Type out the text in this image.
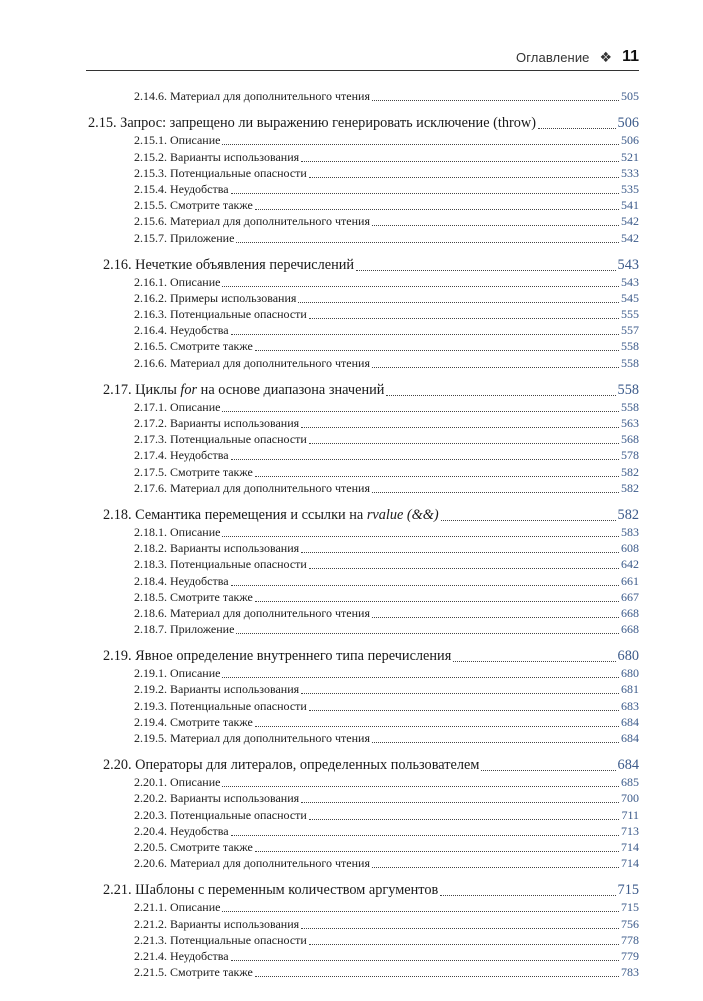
Оглавление ❖ 11
2.14.6. Материал для дополнительного чтения	505
2.15. Запрос: запрещено ли выражению генерировать исключение (throw)	506
2.15.1. Описание	506
2.15.2. Варианты использования	521
2.15.3. Потенциальные опасности	533
2.15.4. Неудобства	535
2.15.5. Смотрите также	541
2.15.6. Материал для дополнительного чтения	542
2.15.7. Приложение	542
2.16. Нечеткие объявления перечислений	543
2.16.1. Описание	543
2.16.2. Примеры использования	545
2.16.3. Потенциальные опасности	555
2.16.4. Неудобства	557
2.16.5. Смотрите также	558
2.16.6. Материал для дополнительного чтения	558
2.17. Циклы for на основе диапазона значений	558
2.17.1. Описание	558
2.17.2. Варианты использования	563
2.17.3. Потенциальные опасности	568
2.17.4. Неудобства	578
2.17.5. Смотрите также	582
2.17.6. Материал для дополнительного чтения	582
2.18. Семантика перемещения и ссылки на rvalue (&&)	582
2.18.1. Описание	583
2.18.2. Варианты использования	608
2.18.3. Потенциальные опасности	642
2.18.4. Неудобства	661
2.18.5. Смотрите также	667
2.18.6. Материал для дополнительного чтения	668
2.18.7. Приложение	668
2.19. Явное определение внутреннего типа перечисления	680
2.19.1. Описание	680
2.19.2. Варианты использования	681
2.19.3. Потенциальные опасности	683
2.19.4. Смотрите также	684
2.19.5. Материал для дополнительного чтения	684
2.20. Операторы для литералов, определенных пользователем	684
2.20.1. Описание	685
2.20.2. Варианты использования	700
2.20.3. Потенциальные опасности	711
2.20.4. Неудобства	713
2.20.5. Смотрите также	714
2.20.6. Материал для дополнительного чтения	714
2.21. Шаблоны с переменным количеством аргументов	715
2.21.1. Описание	715
2.21.2. Варианты использования	756
2.21.3. Потенциальные опасности	778
2.21.4. Неудобства	779
2.21.5. Смотрите также	783
